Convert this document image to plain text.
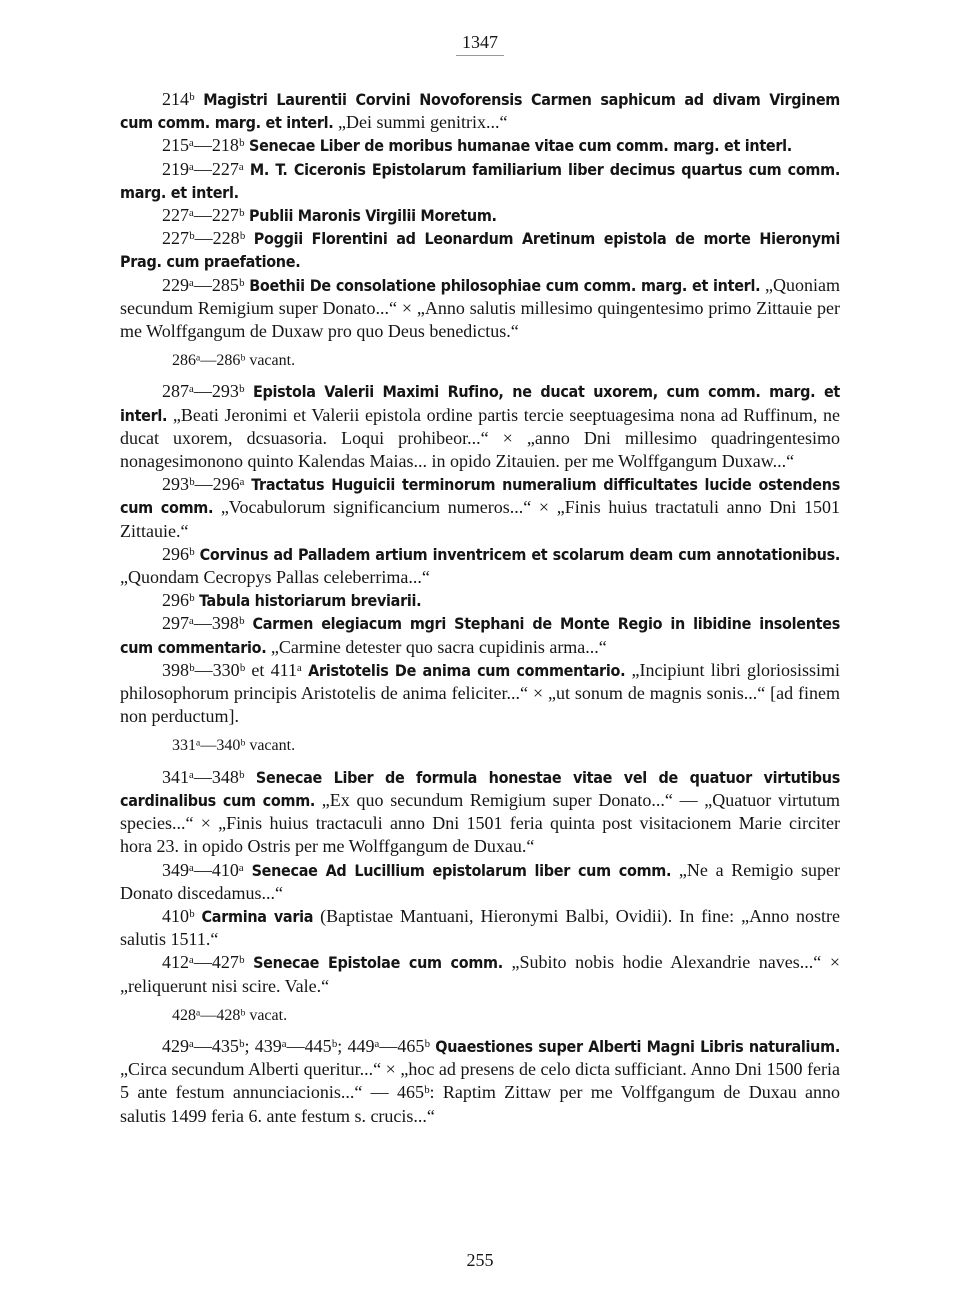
1347

214ᵇ Magistri Laurentii Corvini Novoforensis Carmen saphicum ad divam Virginem cum comm. marg. et interl. „Dei summi genitrix...“

215ᵃ—218ᵇ Senecae Liber de moribus humanae vitae cum comm. marg. et interl.

219ᵃ—227ᵃ M. T. Ciceronis Epistolarum familiarium liber decimus quartus cum comm. marg. et interl.

227ᵃ—227ᵇ Publii Maronis Virgilii Moretum.

227ᵇ—228ᵇ Poggii Florentini ad Leonardum Aretinum epistola de morte Hieronymi Prag. cum praefatione.

229ᵃ—285ᵇ Boethii De consolatione philosophiae cum comm. marg. et interl. „Quoniam secundum Remigium super Donato...“ × „Anno salutis millesimo quingentesimo primo Zittauie per me Wolffgangum de Duxaw pro quo Deus benedictus.“

286ᵃ—286ᵇ vacant.

287ᵃ—293ᵇ Epistola Valerii Maximi Rufino, ne ducat uxorem, cum comm. marg. et interl. „Beati Jeronimi et Valerii epistola ordine partis tercie seeptuagesima nona ad Ruffinum, ne ducat uxorem, dcsuasoria. Loqui prohibeor...“ × „anno Dni millesimo quadringentesimo nonagesimonono quinto Kalendas Maias... in opido Zitauien. per me Wolffgangum Duxaw...“

293ᵇ—296ᵃ Tractatus Huguicii terminorum numeralium difficultates lucide ostendens cum comm. „Vocabulorum significancium numeros...“ × „Finis huius tractatuli anno Dni 1501 Zittauie.“

296ᵇ Corvinus ad Palladem artium inventricem et scolarum deam cum annotationibus. „Quondam Cecropys Pallas celeberrima...“

296ᵇ Tabula historiarum breviarii.

297ᵃ—398ᵇ Carmen elegiacum mgri Stephani de Monte Regio in libidine insolentes cum commentario. „Carmine detester quo sacra cupidinis arma...“

398ᵇ—330ᵇ et 411ᵃ Aristotelis De anima cum commentario. „Incipiunt libri gloriosissimi philosophorum principis Aristotelis de anima feliciter...“ × „ut sonum de magnis sonis...“ [ad finem non perductum].

331ᵃ—340ᵇ vacant.

341ᵃ—348ᵇ Senecae Liber de formula honestae vitae vel de quatuor virtutibus cardinalibus cum comm. „Ex quo secundum Remigium super Donato...“ — „Quatuor virtutum species...“ × „Finis huius tractaculi anno Dni 1501 feria quinta post visitacionem Marie circiter hora 23. in opido Ostris per me Wolffgangum de Duxau.“

349ᵃ—410ᵃ Senecae Ad Lucillium epistolarum liber cum comm. „Ne a Remigio super Donato discedamus...“

410ᵇ Carmina varia (Baptistae Mantuani, Hieronymi Balbi, Ovidii). In fine: „Anno nostre salutis 1511.“

412ᵃ—427ᵇ Senecae Epistolae cum comm. „Subito nobis hodie Alexandrie naves...“ × „reliquerunt nisi scire. Vale.“

428ᵃ—428ᵇ vacat.

429ᵃ—435ᵇ; 439ᵃ—445ᵇ; 449ᵃ—465ᵇ Quaestiones super Alberti Magni Libris naturalium. „Circa secundum Alberti queritur...“ × „hoc ad presens de celo dicta sufficiant. Anno Dni 1500 feria 5 ante festum annunciacionis...“ — 465ᵇ: Raptim Zittaw per me Volffgangum de Duxau anno salutis 1499 feria 6. ante festum s. crucis...“

255
